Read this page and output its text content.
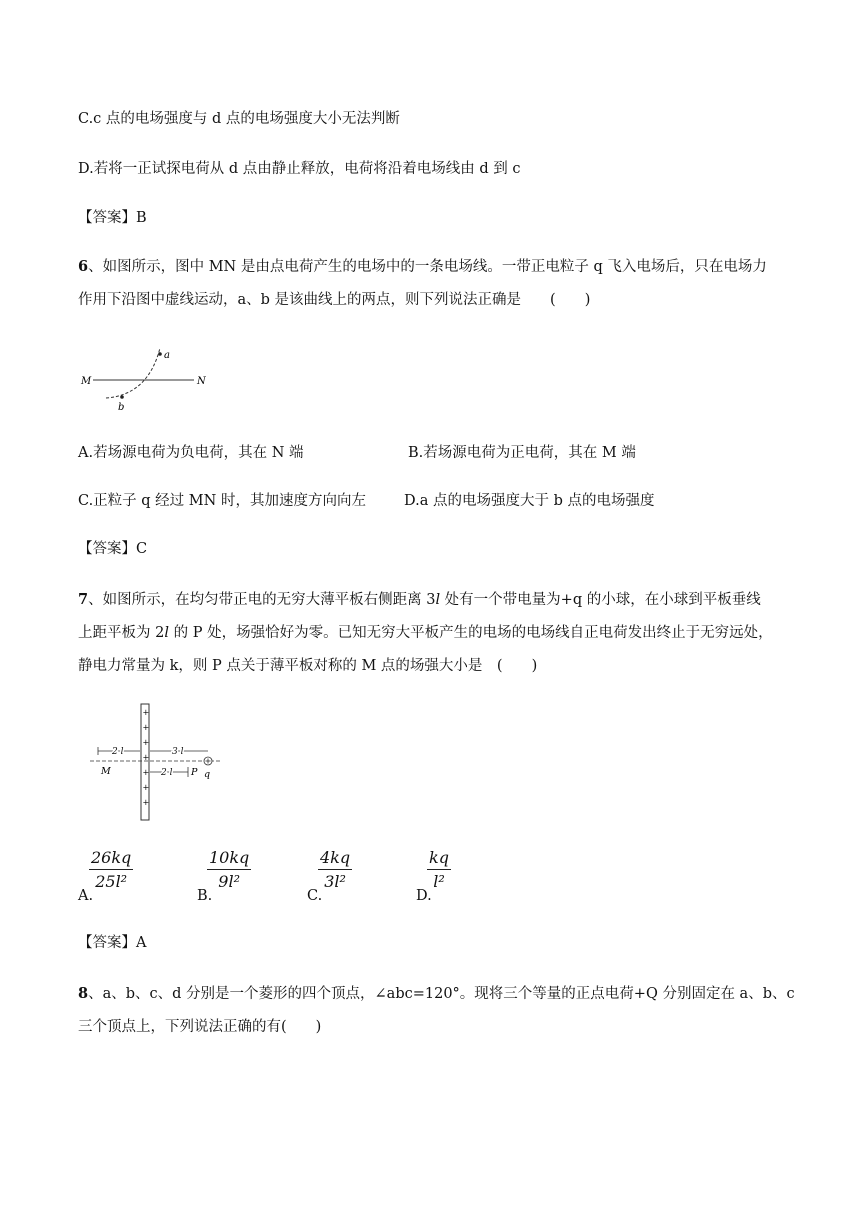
C.c 点的电场强度与 d 点的电场强度大小无法判断
D.若将一正试探电荷从 d 点由静止释放，电荷将沿着电场线由 d 到 c
【答案】B
6、如图所示，图中 MN 是由点电荷产生的电场中的一条电场线。一带正电粒子 q 飞入电场后，只在电场力
作用下沿图中虚线运动，a、b 是该曲线上的两点，则下列说法正确是　　(　　)
a
b
M	N
A.若场源电荷为负电荷，其在 N 端	B.若场源电荷为正电荷，其在 M 端
C.正粒子 q 经过 MN 时，其加速度方向向左	D.a 点的电场强度大于 b 点的电场强度
【答案】C
7、如图所示，在均匀带正电的无穷大薄平板右侧距离 3l 处有一个带电量为+q 的小球，在小球到平板垂线
上距平板为 2l 的 P 处，场强恰好为零。已知无穷大平板产生的电场的电场线自正电荷发出终止于无穷远处，
静电力常量为 k，则 P 点关于薄平板对称的 M 点的场强大小是　(　　)
+
+
+
+
+
+
+
2 l	3 l
2 l
M	P q
$\frac{26kq}{\text{25l²}}$
A.
$\frac{10kq}{\text{9l²}}$
B.
$\frac{4kq}{\text{3l²}}$
C.
$\frac{kq}{\text{l²}}$
D.
【答案】A
8、a、b、c、d 分别是一个菱形的四个顶点，∠abc=120°。现将三个等量的正点电荷+Q 分别固定在 a、b、c
三个顶点上，下列说法正确的有(　　)
